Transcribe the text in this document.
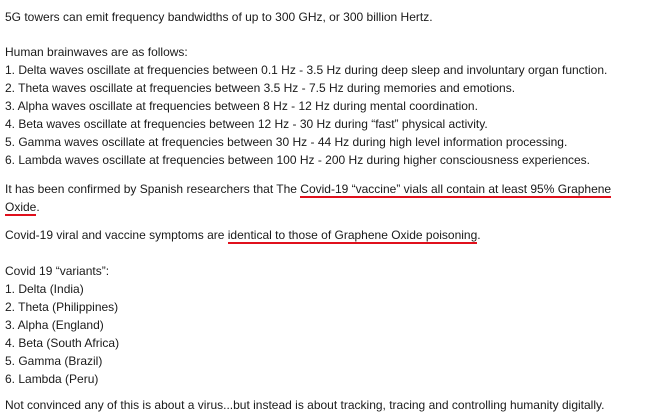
5G towers can emit frequency bandwidths of up to 300 GHz, or 300 billion Hertz.

Human brainwaves are as follows:

1. Delta waves oscillate at frequencies between 0.1 Hz - 3.5 Hz during deep sleep and involuntary organ function.

2. Theta waves oscillate at frequencies between 3.5 Hz - 7.5 Hz during memories and emotions.

3. Alpha waves oscillate at frequencies between 8 Hz - 12 Hz during mental coordination.

4. Beta waves oscillate at frequencies between 12 Hz - 30 Hz during “fast” physical activity.

5. Gamma waves oscillate at frequencies between 30 Hz - 44 Hz during high level information processing.

6. Lambda waves oscillate at frequencies between 100 Hz - 200 Hz during higher consciousness experiences.

It has been confirmed by Spanish researchers that The Covid-19 “vaccine” vials all contain at least 95% Graphene

Oxide.

Covid-19 viral and vaccine symptoms are identical to those of Graphene Oxide poisoning.

Covid 19 “variants”:

1. Delta (India)

2. Theta (Philippines)

3. Alpha (England)

4. Beta (South Africa)

5. Gamma (Brazil)

6. Lambda (Peru)

Not convinced any of this is about a virus...but instead is about tracking, tracing and controlling humanity digitally.
